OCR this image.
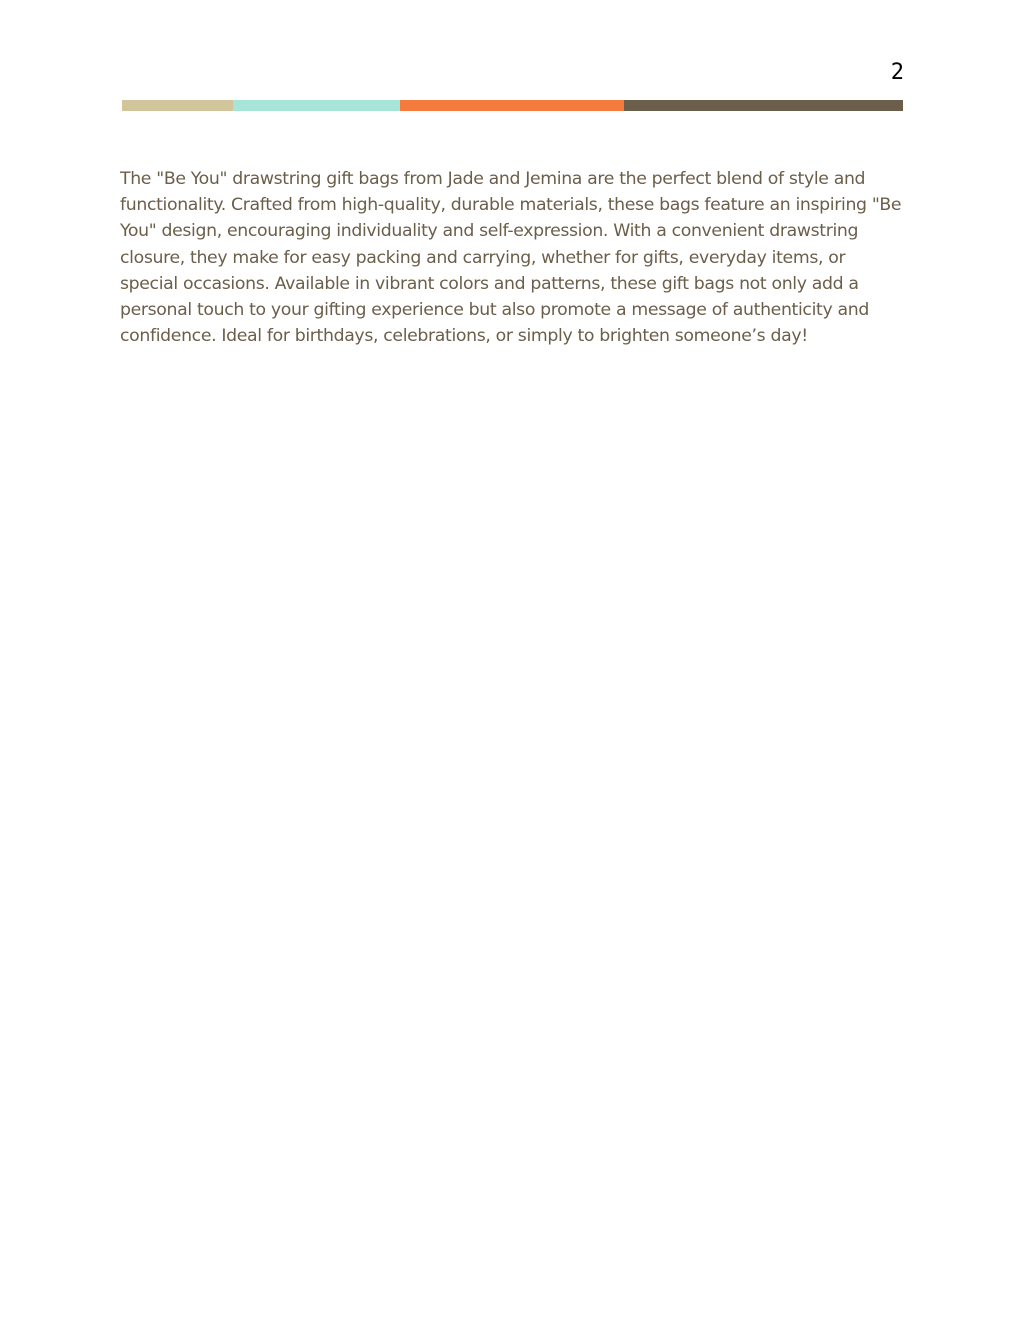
2

The "Be You" drawstring gift bags from Jade and Jemina are the perfect blend of style and functionality. Crafted from high-quality, durable materials, these bags feature an inspiring "Be You" design, encouraging individuality and self-expression. With a convenient drawstring closure, they make for easy packing and carrying, whether for gifts, everyday items, or special occasions. Available in vibrant colors and patterns, these gift bags not only add a personal touch to your gifting experience but also promote a message of authenticity and confidence. Ideal for birthdays, celebrations, or simply to brighten someone’s day!
